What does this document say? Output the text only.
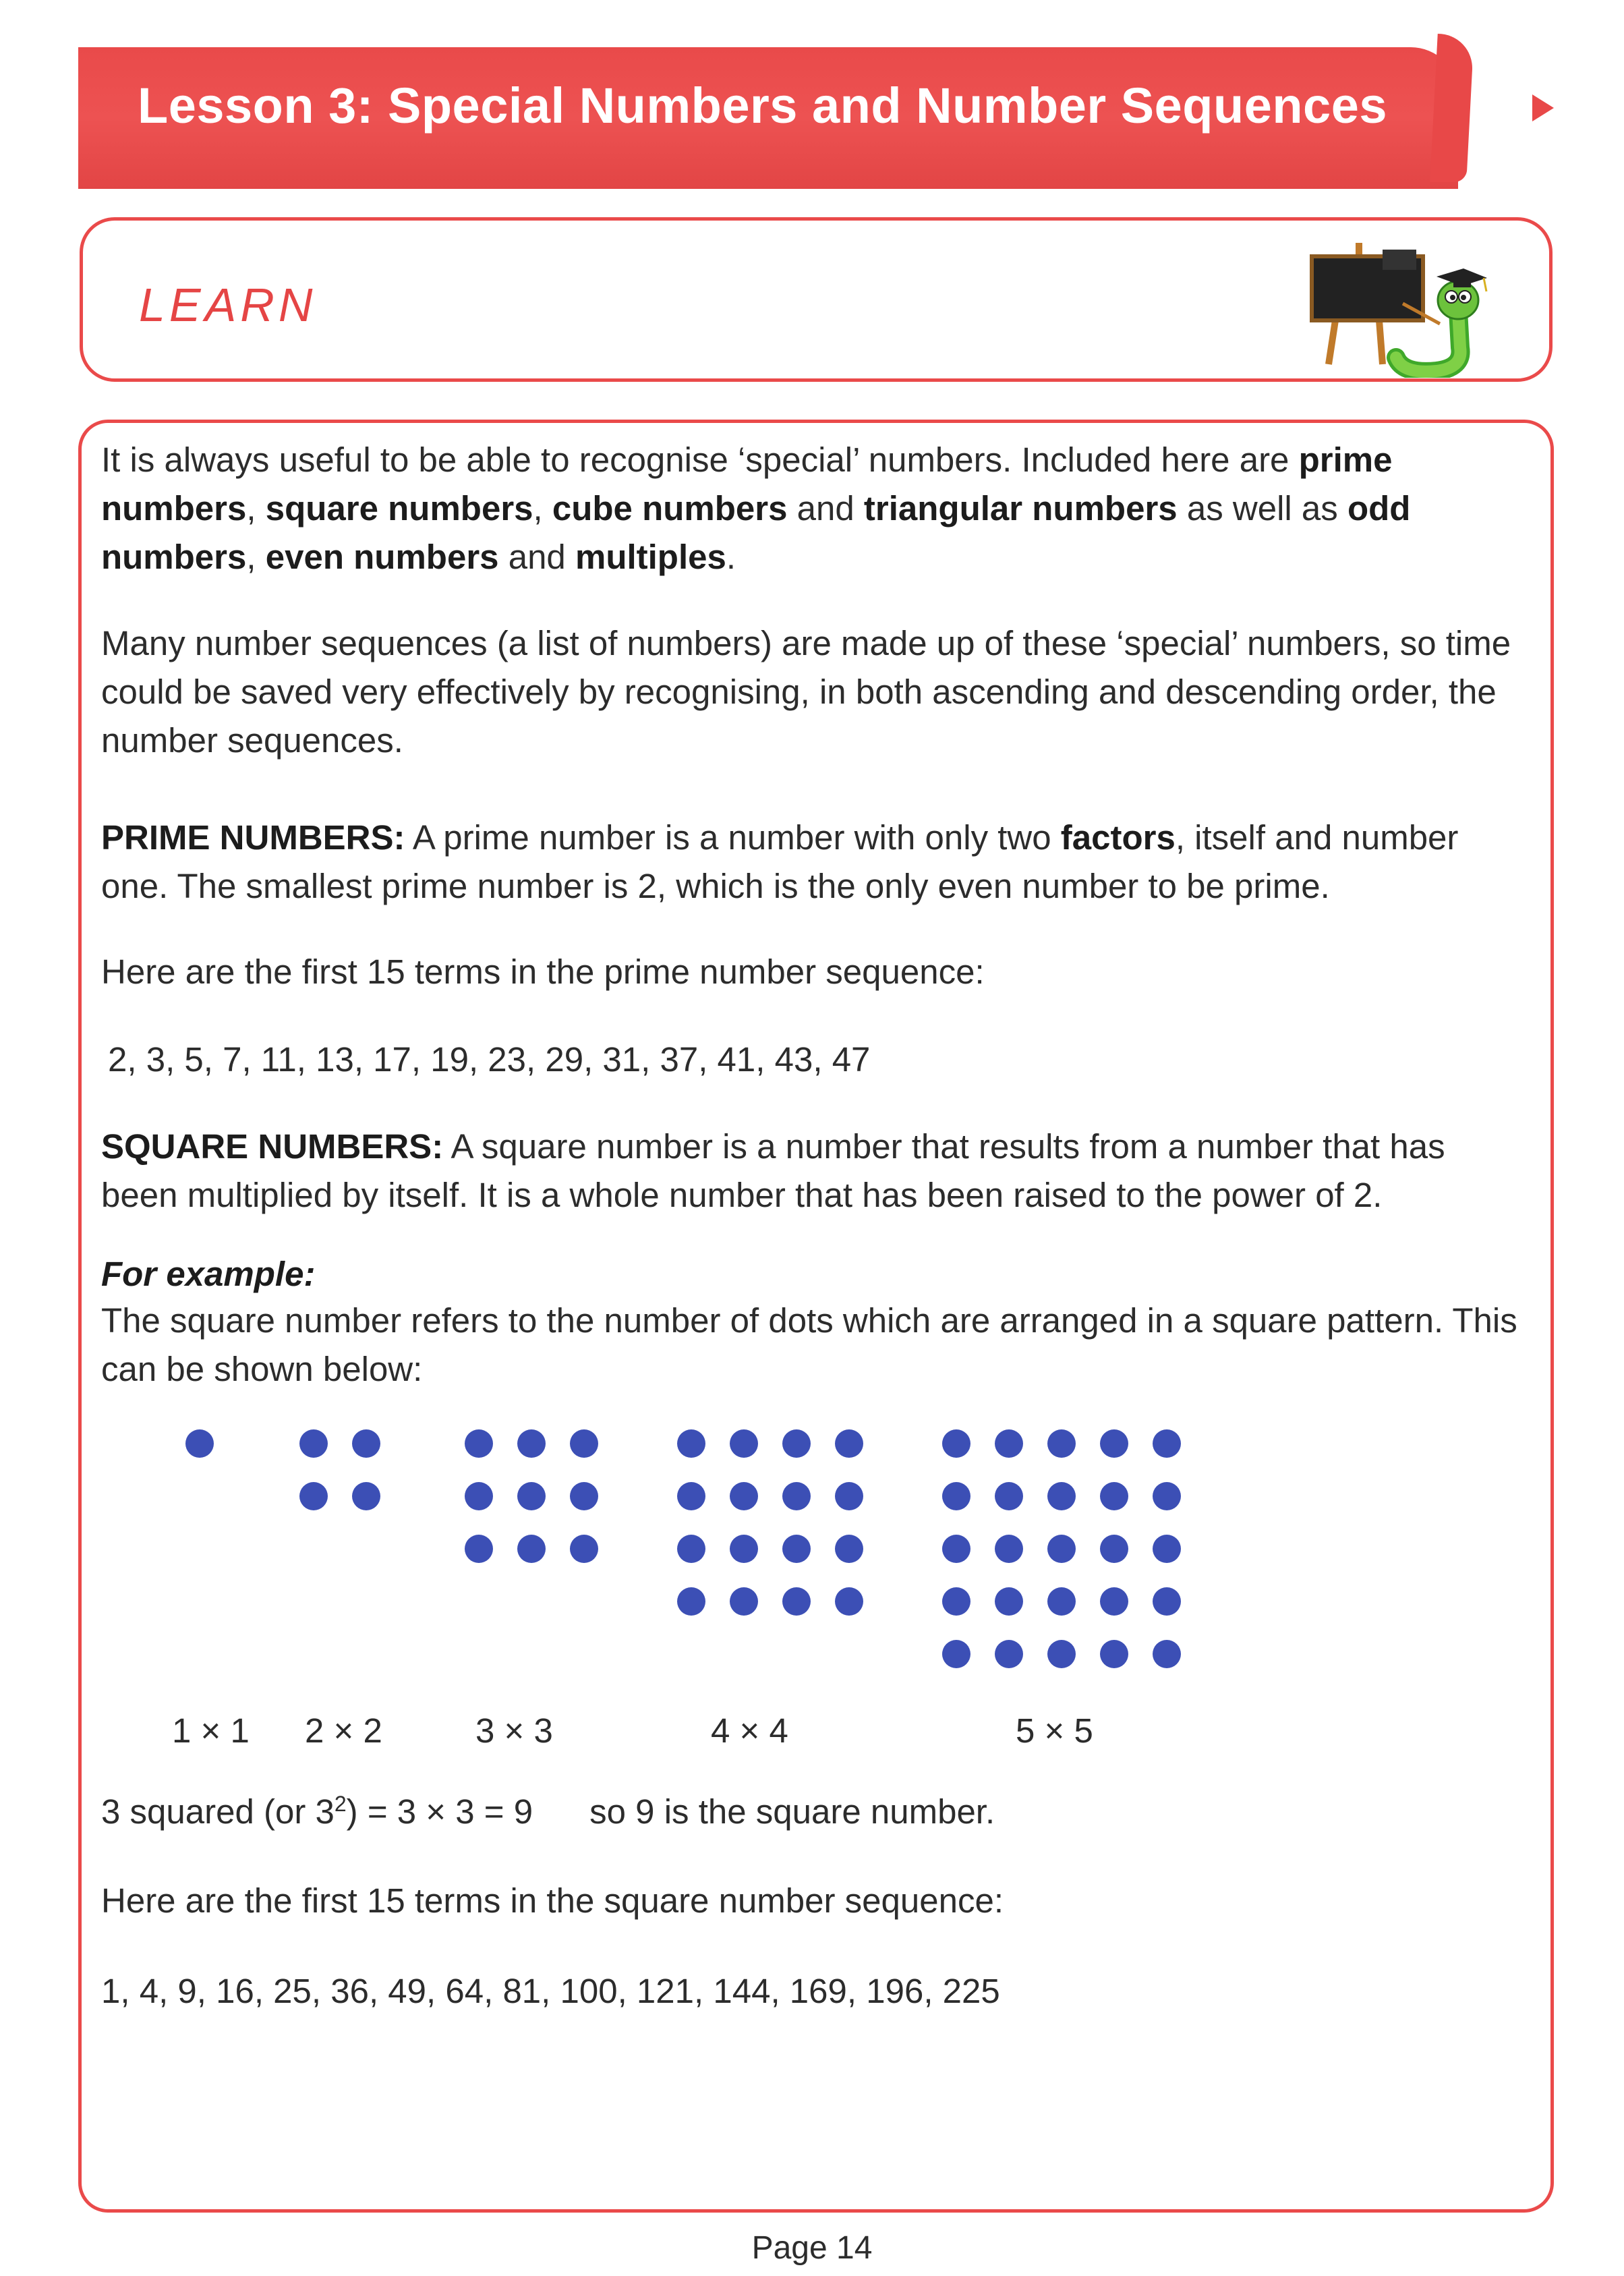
Lesson 3: Special Numbers and Number Sequences
LEARN

It is always useful to be able to recognise ‘special’ numbers. Included here are prime numbers, square numbers, cube numbers and triangular numbers as well as odd numbers, even numbers and multiples.

Many number sequences (a list of numbers) are made up of these ‘special’ numbers, so time could be saved very effectively by recognising, in both ascending and descending order, the number sequences.

PRIME NUMBERS: A prime number is a number with only two factors, itself and number one. The smallest prime number is 2, which is the only even number to be prime.

Here are the first 15 terms in the prime number sequence:

2, 3, 5, 7, 11, 13, 17, 19, 23, 29, 31, 37, 41, 43, 47

SQUARE NUMBERS: A square number is a number that results from a number that has been multiplied by itself. It is a whole number that has been raised to the power of 2.

For example:

The square number refers to the number of dots which are arranged in a square pattern. This can be shown below:

1 × 1 2 × 2	3 × 3	4 × 4	5 × 5

3 squared (or $3^2) = 3 \times 3 = 9$ so 9 is the square number.

Here are the first 15 terms in the square number sequence:

1, 4, 9, 16, 25, 36, 49, 64, 81, 100, 121, 144, 169, 196, 225

Page 14
